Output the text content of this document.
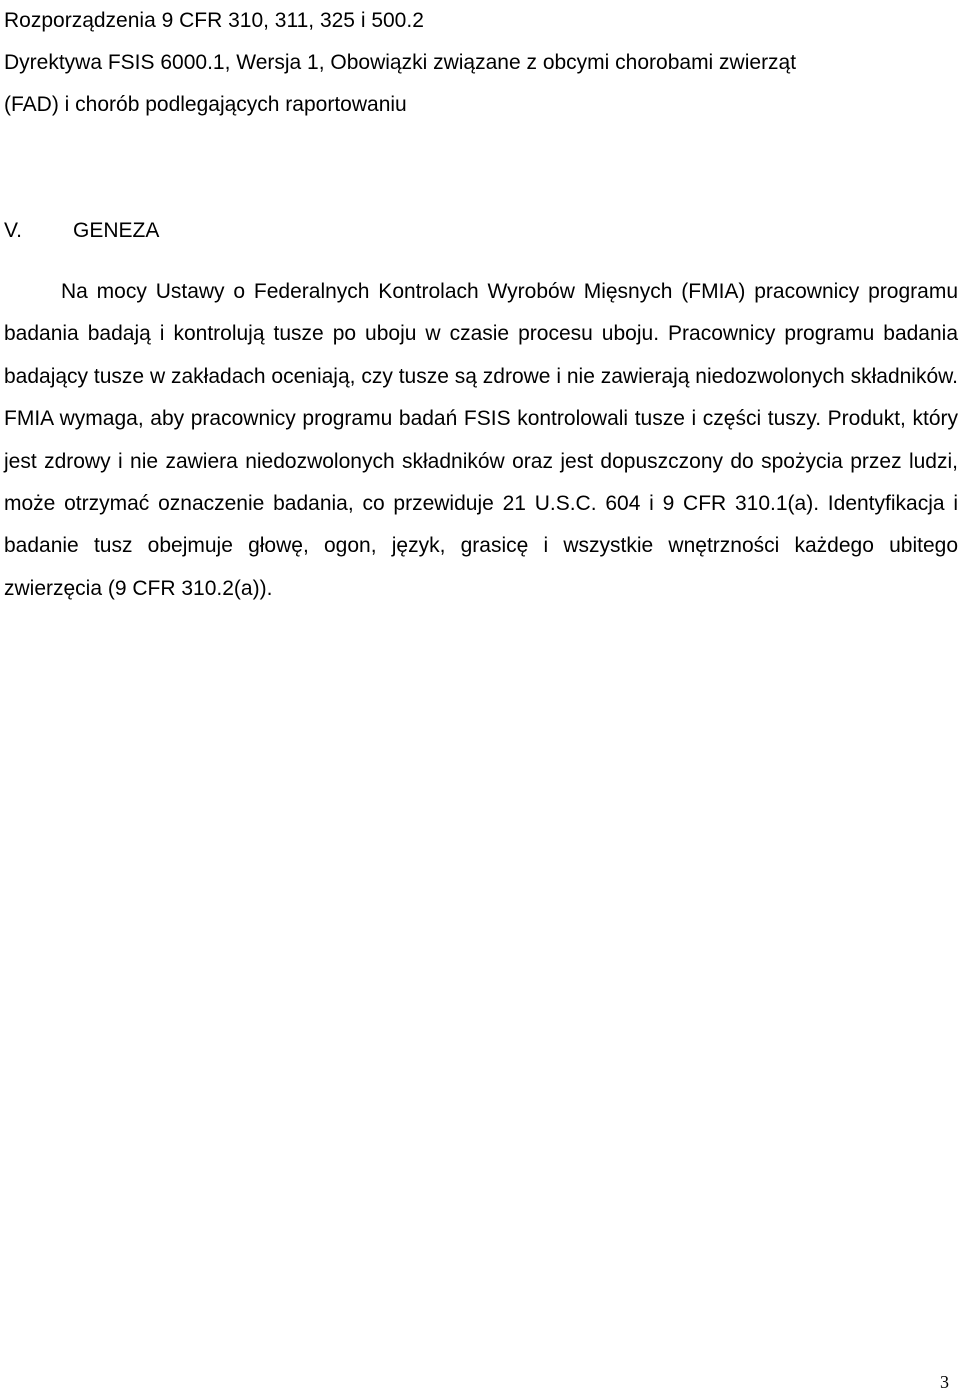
Rozporządzenia 9 CFR 310, 311, 325 i 500.2

Dyrektywa FSIS 6000.1, Wersja 1, Obowiązki związane z obcymi chorobami zwierząt

(FAD) i chorób podlegających raportowaniu

V. GENEZA

Na mocy Ustawy o Federalnych Kontrolach Wyrobów Mięsnych (FMIA) pracownicy programu badania badają i kontrolują tusze po uboju w czasie procesu uboju. Pracownicy programu badania badający tusze w zakładach oceniają, czy tusze są zdrowe i nie zawierają niedozwolonych składników. FMIA wymaga, aby pracownicy programu badań FSIS kontrolowali tusze i części tuszy. Produkt, który jest zdrowy i nie zawiera niedozwolonych składników oraz jest dopuszczony do spożycia przez ludzi, może otrzymać oznaczenie badania, co przewiduje 21 U.S.C. 604 i 9 CFR 310.1(a). Identyfikacja i badanie tusz obejmuje głowę, ogon, język, grasicę i wszystkie wnętrzności każdego ubitego zwierzęcia (9 CFR 310.2(a)).

3
